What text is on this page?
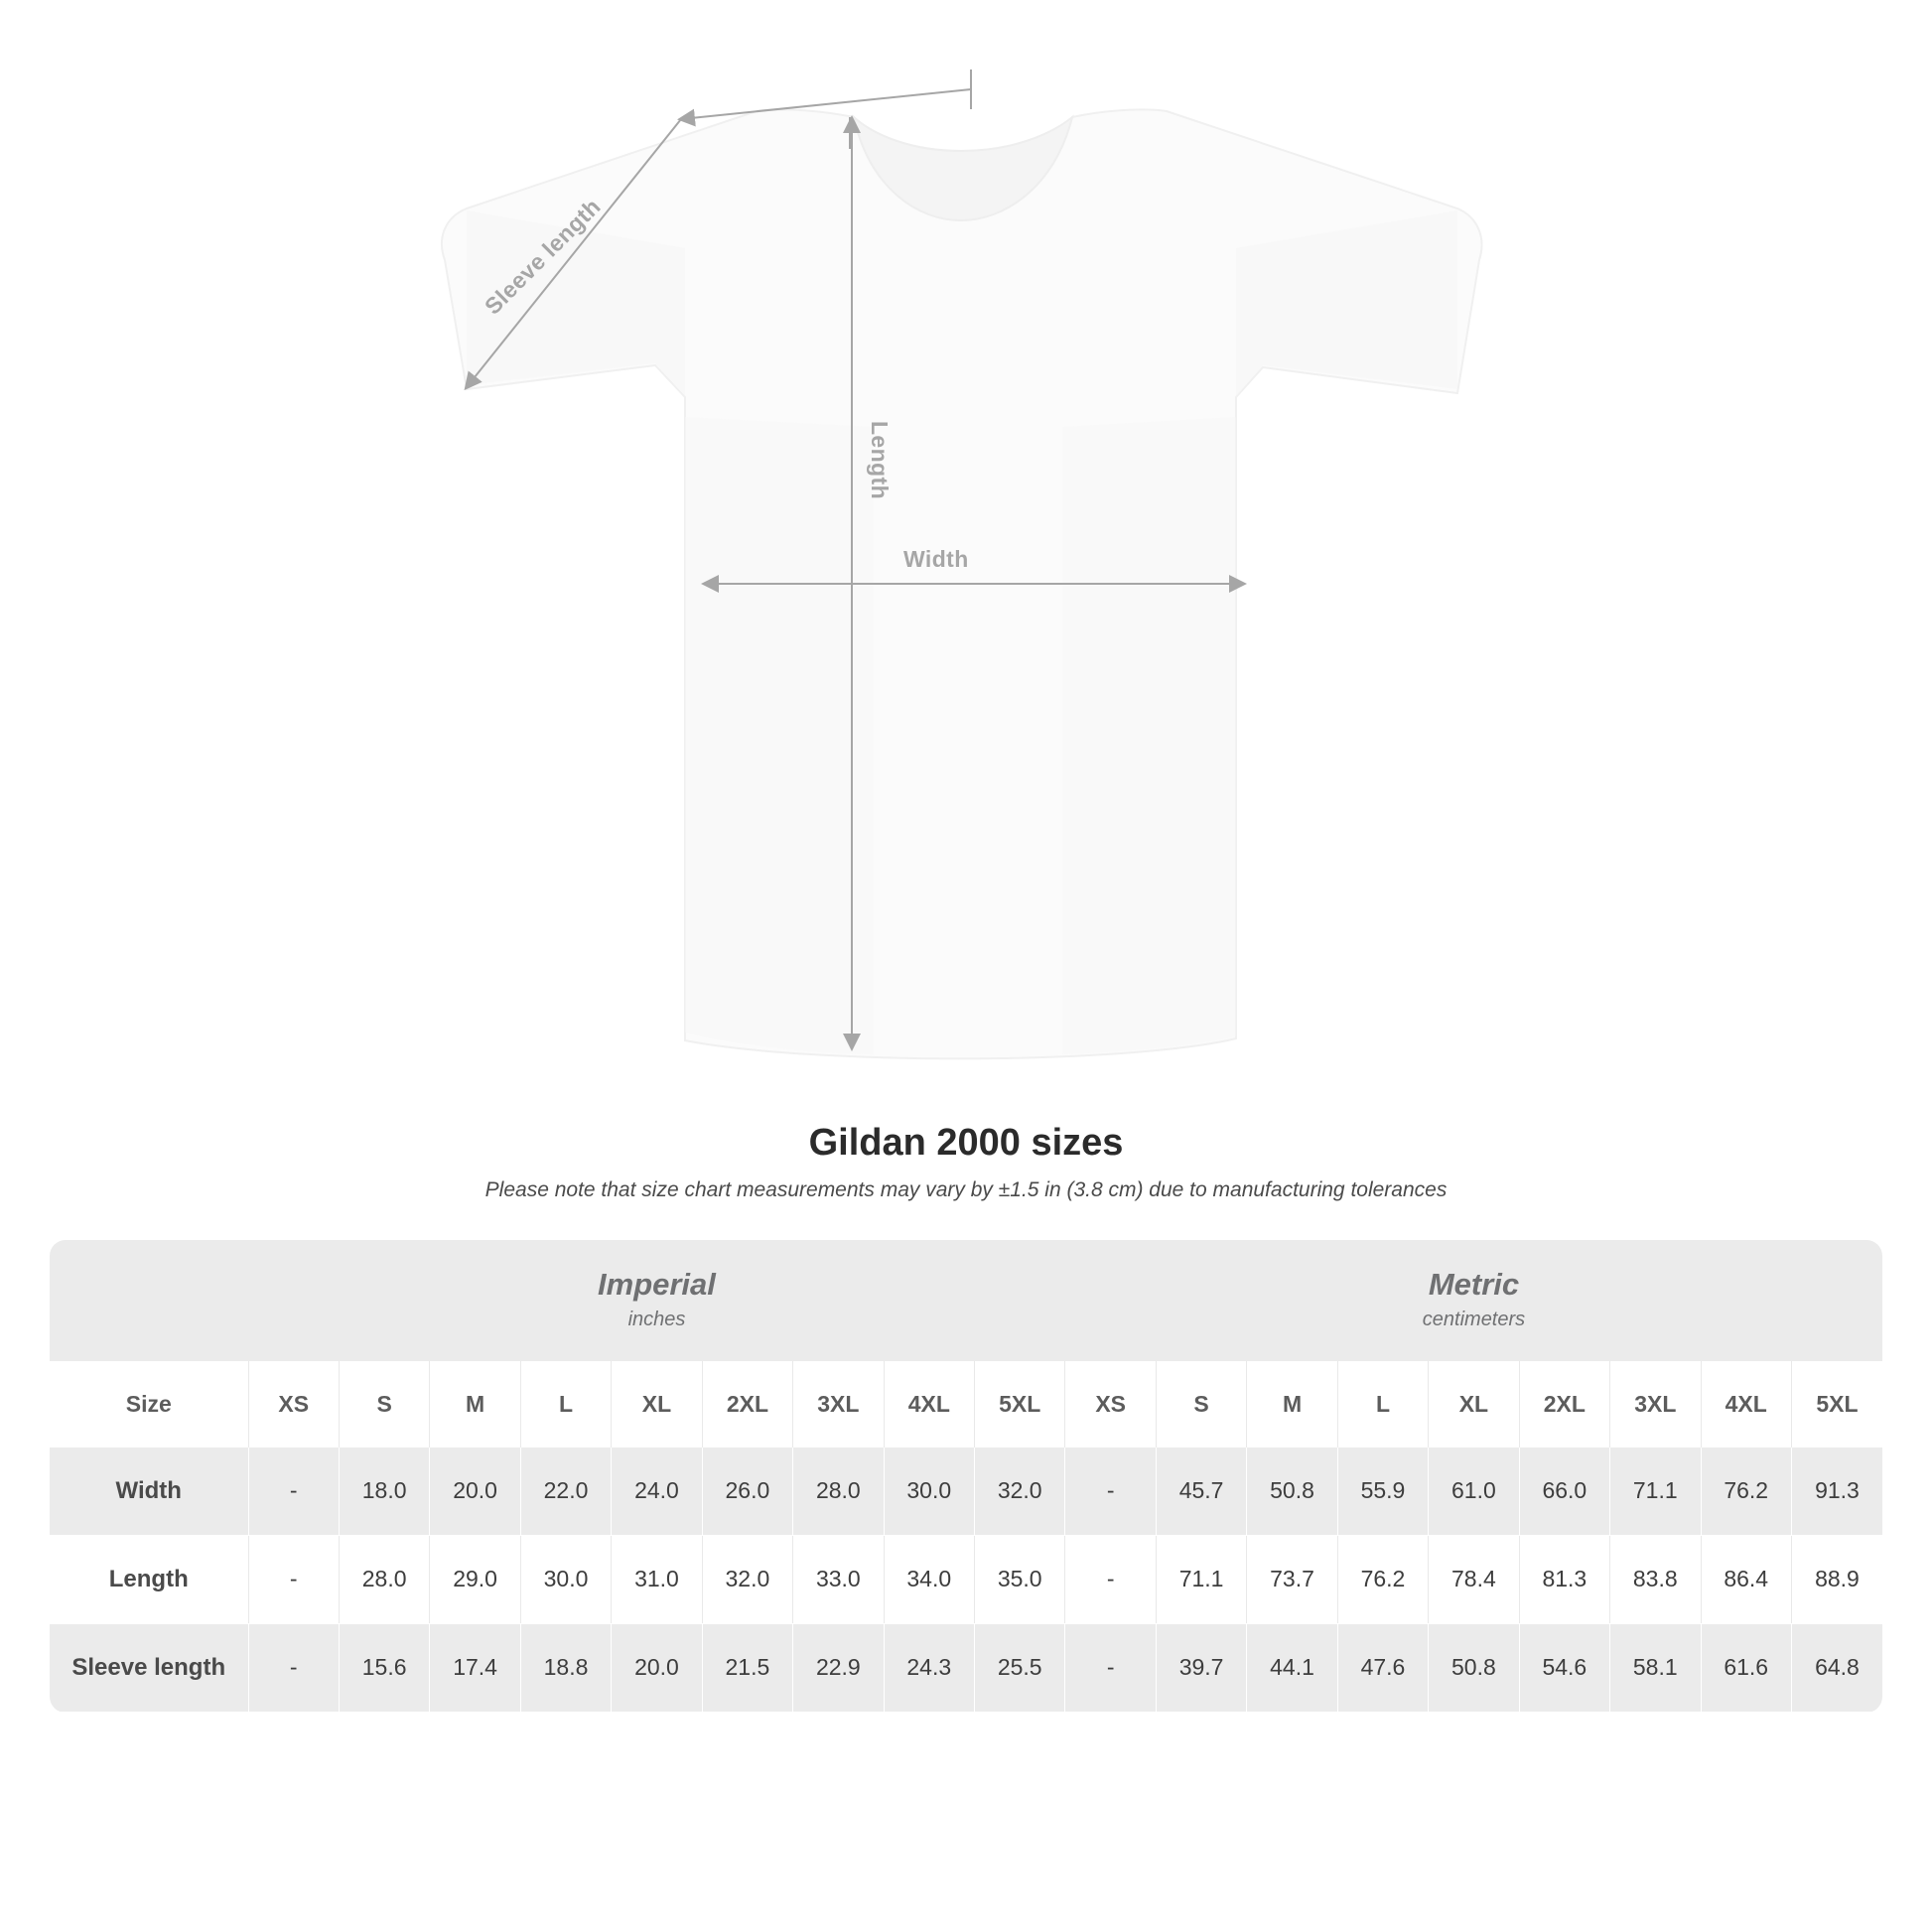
Sleeve length
Length
Width
Gildan 2000 sizes

Please note that size chart measurements may vary by ±1.5 in (3.8 cm) due to manufacturing tolerances

Imperial
inches

Metric
centimeters

Size	XS	S	M	L	XL	2XL	3XL	4XL	5XL	XS	S	M	L	XL	2XL	3XL	4XL	5XL
Width	-	18.0	20.0	22.0	24.0	26.0	28.0	30.0	32.0	-	45.7	50.8	55.9	61.0	66.0	71.1	76.2	91.3
Length	-	28.0	29.0	30.0	31.0	32.0	33.0	34.0	35.0	-	71.1	73.7	76.2	78.4	81.3	83.8	86.4	88.9
Sleeve length	-	15.6	17.4	18.8	20.0	21.5	22.9	24.3	25.5	-	39.7	44.1	47.6	50.8	54.6	58.1	61.6	64.8
